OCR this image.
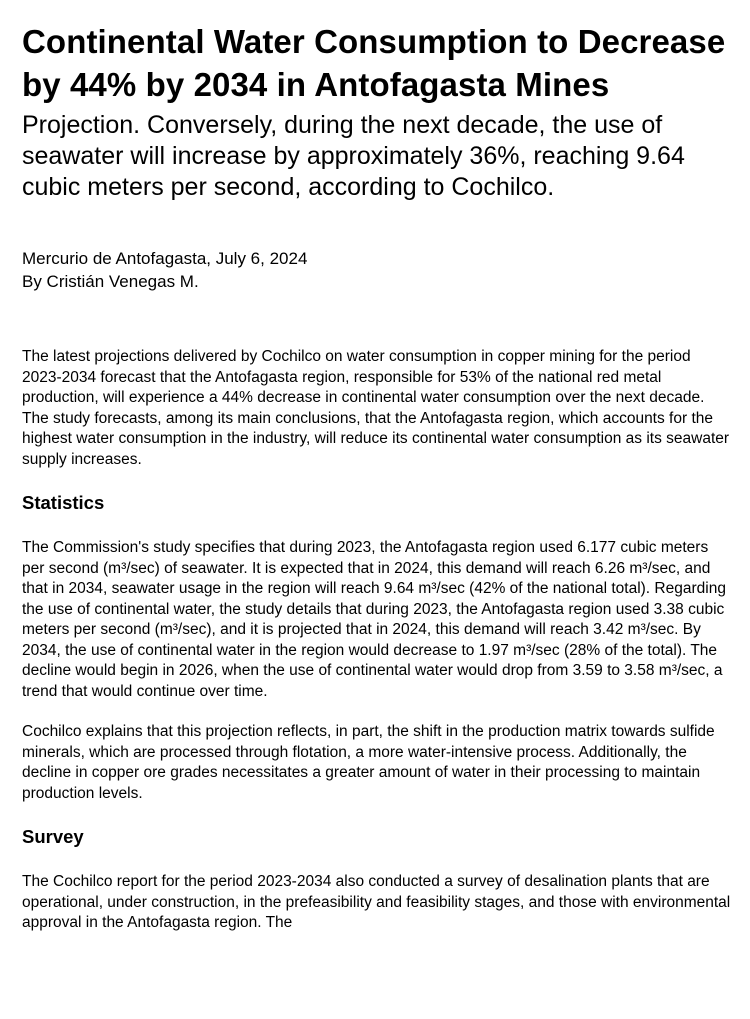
Continental Water Consumption to Decrease by 44% by 2034 in Antofagasta Mines
Projection. Conversely, during the next decade, the use of seawater will increase by approximately 36%, reaching 9.64 cubic meters per second, according to Cochilco.
Mercurio de Antofagasta, July 6, 2024
By Cristián Venegas M.

The latest projections delivered by Cochilco on water consumption in copper mining for the period 2023-2034 forecast that the Antofagasta region, responsible for 53% of the national red metal production, will experience a 44% decrease in continental water consumption over the next decade. The study forecasts, among its main conclusions, that the Antofagasta region, which accounts for the highest water consumption in the industry, will reduce its continental water consumption as its seawater supply increases.

Statistics

The Commission's study specifies that during 2023, the Antofagasta region used 6.177 cubic meters per second (m³/sec) of seawater. It is expected that in 2024, this demand will reach 6.26 m³/sec, and that in 2034, seawater usage in the region will reach 9.64 m³/sec (42% of the national total). Regarding the use of continental water, the study details that during 2023, the Antofagasta region used 3.38 cubic meters per second (m³/sec), and it is projected that in 2024, this demand will reach 3.42 m³/sec. By 2034, the use of continental water in the region would decrease to 1.97 m³/sec (28% of the total). The decline would begin in 2026, when the use of continental water would drop from 3.59 to 3.58 m³/sec, a trend that would continue over time.

Cochilco explains that this projection reflects, in part, the shift in the production matrix towards sulfide minerals, which are processed through flotation, a more water-intensive process. Additionally, the decline in copper ore grades necessitates a greater amount of water in their processing to maintain production levels.

Survey

The Cochilco report for the period 2023-2034 also conducted a survey of desalination plants that are operational, under construction, in the prefeasibility and feasibility stages, and those with environmental approval in the Antofagasta region. The
